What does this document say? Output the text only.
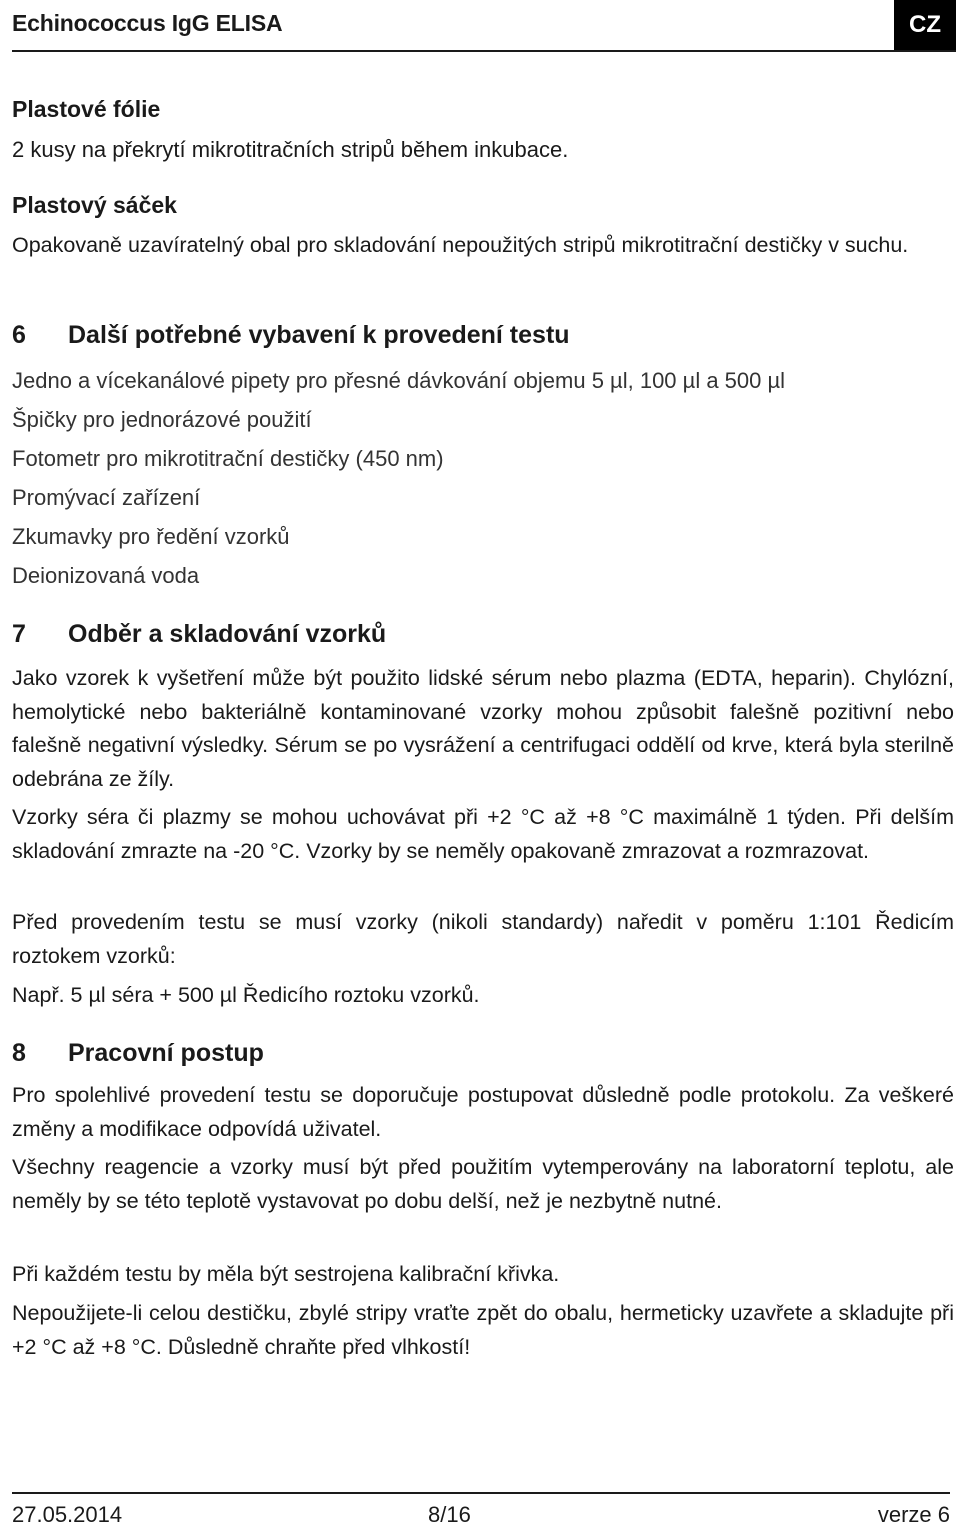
Echinococcus IgG ELISA	CZ
Plastové fólie
2 kusy na překrytí mikrotitračních stripů během inkubace.
Plastový sáček
Opakovaně uzavíratelný obal pro skladování nepoužitých stripů mikrotitrační destičky v suchu.
6 Další potřebné vybavení k provedení testu
Jedno a vícekanálové pipety pro přesné dávkování objemu 5 µl, 100 µl a 500 µl
Špičky pro jednorázové použití
Fotometr pro mikrotitrační destičky (450 nm)
Promývací zařízení
Zkumavky pro ředění vzorků
Deionizovaná voda
7 Odběr a skladování vzorků
Jako vzorek k vyšetření může být použito lidské sérum nebo plazma (EDTA, heparin). Chylózní, hemolytické nebo bakteriálně kontaminované vzorky mohou způsobit falešně pozitivní nebo falešně negativní výsledky. Sérum se po vysrážení a centrifugaci oddělí od krve, která byla sterilně odebrána ze žíly.
Vzorky séra či plazmy se mohou uchovávat při +2 °C až +8 °C maximálně 1 týden. Při delším skladování zmrazte na -20 °C. Vzorky by se neměly opakovaně zmrazovat a rozmrazovat.
Před provedením testu se musí vzorky (nikoli standardy) naředit v poměru 1:101 Ředicím roztokem vzorků:
Např. 5 µl séra + 500 µl Ředicího roztoku vzorků.
8 Pracovní postup
Pro spolehlivé provedení testu se doporučuje postupovat důsledně podle protokolu. Za veškeré změny a modifikace odpovídá uživatel.
Všechny reagencie a vzorky musí být před použitím vytemperovány na laboratorní teplotu, ale neměly by se této teplotě vystavovat po dobu delší, než je nezbytně nutné.
Při každém testu by měla být sestrojena kalibrační křivka.
Nepoužijete-li celou destičku, zbylé stripy vraťte zpět do obalu, hermeticky uzavřete a skladujte při +2 °C až +8 °C. Důsledně chraňte před vlhkostí!
27.05.2014	8/16	verze 6
